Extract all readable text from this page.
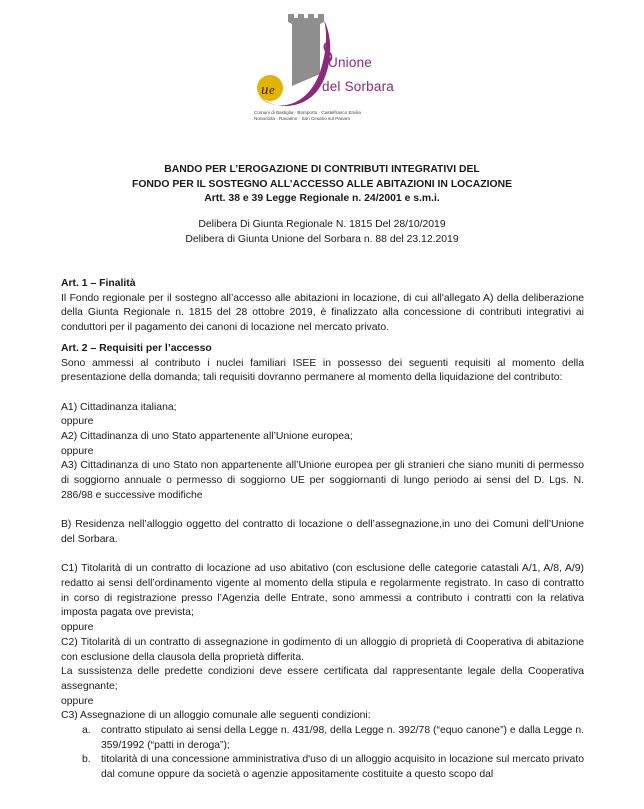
u e
Unione
del Sorbara
Comuni di Bastiglia · Bomporto · Castelfranco Emilia
Nonantola · Ravarino · San Cesario sul Panaro
BANDO PER L’EROGAZIONE DI CONTRIBUTI INTEGRATIVI DEL
FONDO PER IL SOSTEGNO ALL’ACCESSO ALLE ABITAZIONI IN LOCAZIONE
Artt. 38 e 39 Legge Regionale n. 24/2001 e s.m.i.
Delibera Di Giunta Regionale N. 1815 Del 28/10/2019
Delibera di Giunta Unione del Sorbara n. 88 del 23.12.2019

Art. 1 – Finalità

Il Fondo regionale per il sostegno all’accesso alle abitazioni in locazione, di cui all'allegato A) della deliberazione della Giunta Regionale n. 1815 del 28 ottobre 2019, è finalizzato alla concessione di contributi integrativi ai conduttori per il pagamento dei canoni di locazione nel mercato privato.

Art. 2 – Requisiti per l’accesso

Sono ammessi al contributo i nuclei familiari ISEE in possesso dei seguenti requisiti al momento della presentazione della domanda; tali requisiti dovranno permanere al momento della liquidazione del contributo:

A1) Cittadinanza italiana;

oppure

A2) Cittadinanza di uno Stato appartenente all’Unione europea;

oppure

A3) Cittadinanza di uno Stato non appartenente all’Unione europea per gli stranieri che siano muniti di permesso di soggiorno annuale o permesso di soggiorno UE per soggiornanti di lungo periodo ai sensi del D. Lgs. N. 286/98 e successive modifiche

B) Residenza nell’alloggio oggetto del contratto di locazione o dell’assegnazione,in uno dei Comuni dell’Unione del Sorbara.

C1) Titolarità di un contratto di locazione ad uso abitativo (con esclusione delle categorie catastali A/1, A/8, A/9) redatto ai sensi dell’ordinamento vigente al momento della stipula e regolarmente registrato. In caso di contratto in corso di registrazione presso l’Agenzia delle Entrate, sono ammessi a contributo i contratti con la relativa imposta pagata ove prevista;

oppure

C2) Titolarità di un contratto di assegnazione in godimento di un alloggio di proprietà di Cooperativa di abitazione con esclusione della clausola della proprietà differita.

La sussistenza delle predette condizioni deve essere certificata dal rappresentante legale della Cooperativa assegnante;

oppure

C3) Assegnazione di un alloggio comunale alle seguenti condizioni:

a. contratto stipulato ai sensi della Legge n. 431/98, della Legge n. 392/78 (“equo canone”) e dalla Legge n. 359/1992 (“patti in deroga”);
b. titolarità di una concessione amministrativa d'uso di un alloggio acquisito in locazione sul mercato privato dal comune oppure da società o agenzie appositamente costituite a questo scopo dal
